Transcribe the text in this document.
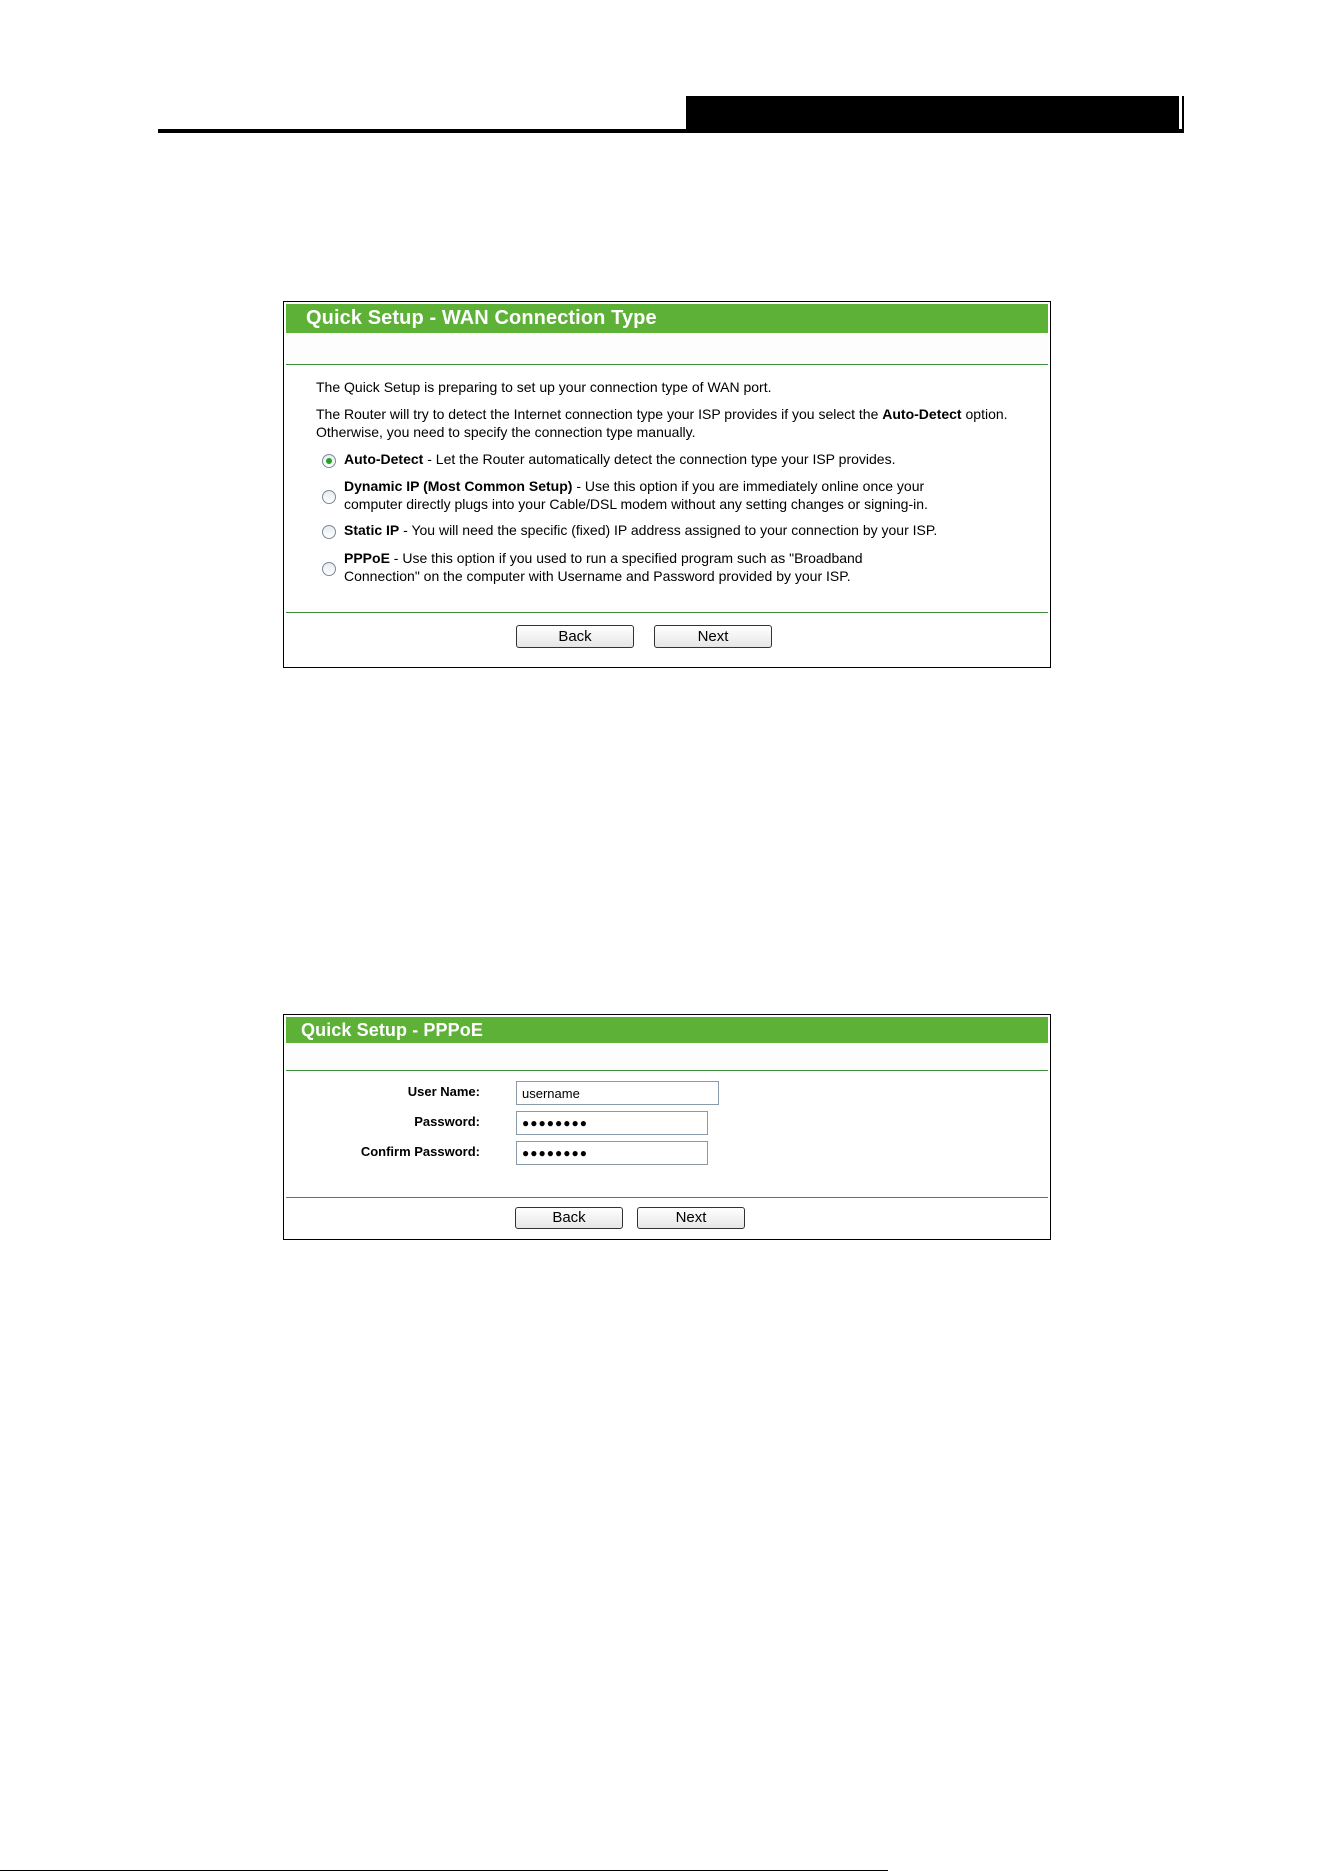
Quick Setup - WAN Connection Type
The Quick Setup is preparing to set up your connection type of WAN port.
The Router will try to detect the Internet connection type your ISP provides if you select the Auto-Detect option.
Otherwise, you need to specify the connection type manually.
Auto-Detect - Let the Router automatically detect the connection type your ISP provides.
Dynamic IP (Most Common Setup) - Use this option if you are immediately online once your
computer directly plugs into your Cable/DSL modem without any setting changes or signing-in.
Static IP - You will need the specific (fixed) IP address assigned to your connection by your ISP.
PPPoE - Use this option if you used to run a specified program such as "Broadband
Connection" on the computer with Username and Password provided by your ISP.
Back	Next
Quick Setup - PPPoE
User Name:
username
Password:	●●●●●●●●
Confirm Password:	●●●●●●●●
Back	Next
